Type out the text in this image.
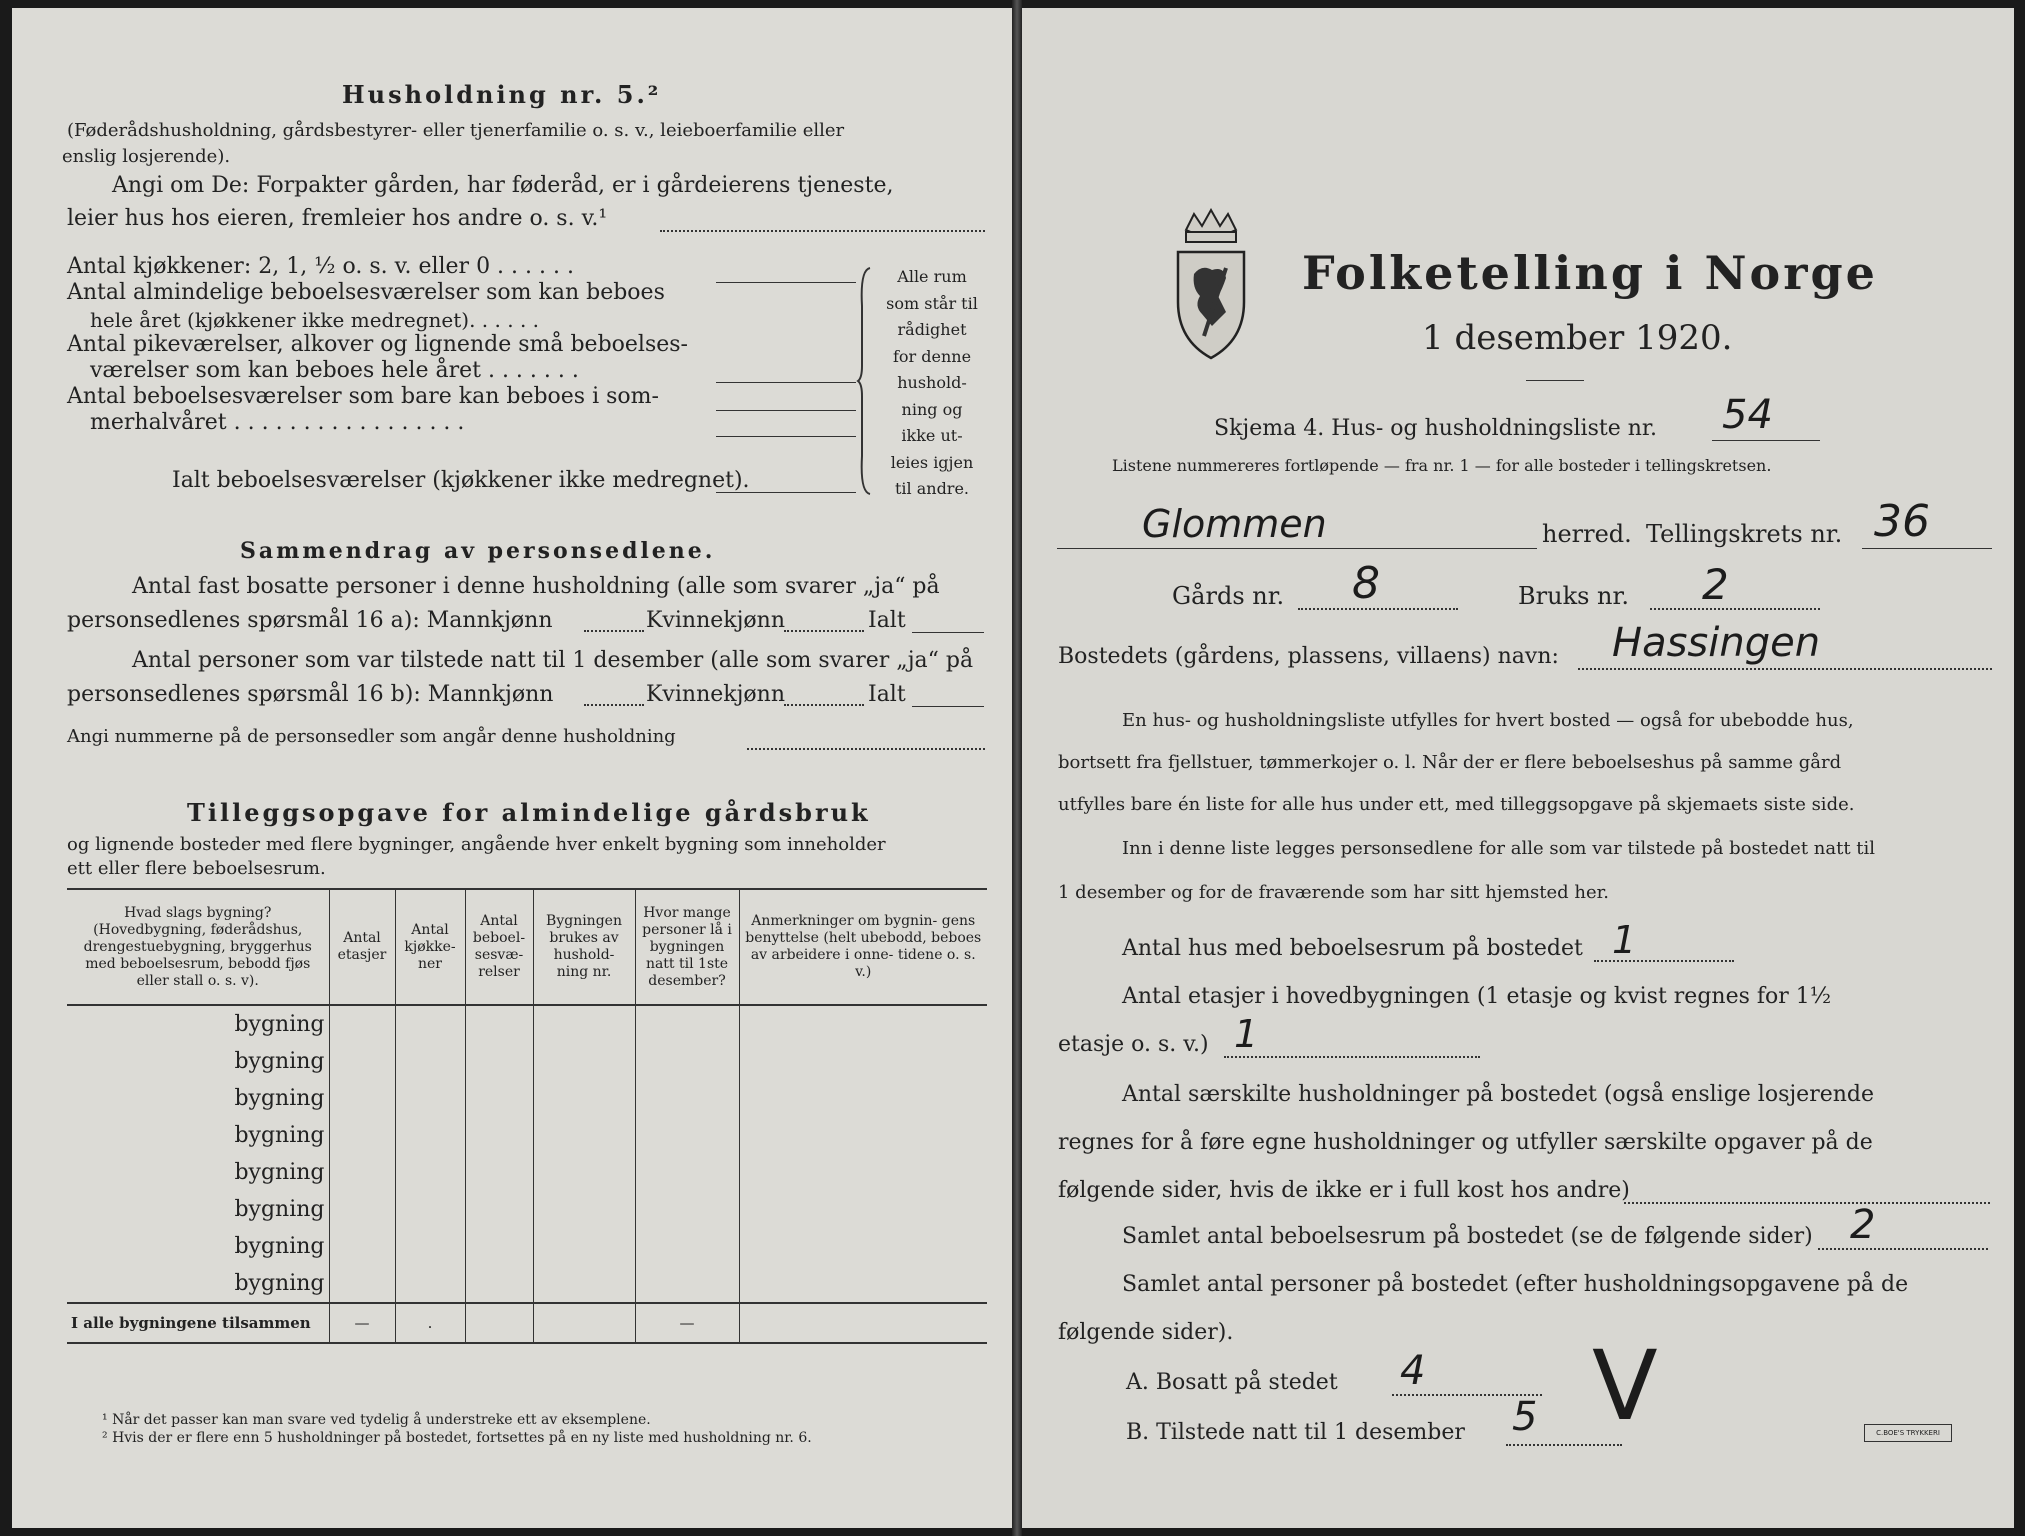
Husholdning nr. 5.²
(Føderådshusholdning, gårdsbestyrer- eller tjenerfamilie o. s. v., leieboerfamilie eller
enslig losjerende).
Angi om De: Forpakter gården, har føderåd, er i gårdeierens tjeneste,
leier hus hos eieren, fremleier hos andre o. s. v.¹
Antal kjøkkener: 2, 1, ½ o. s. v. eller 0 . . . . . .
Antal almindelige beboelsesværelser som kan beboes
hele året (kjøkkener ikke medregnet). . . . . .
Antal pikeværelser, alkover og lignende små beboelses-
værelser som kan beboes hele året . . . . . . .
Antal beboelsesværelser som bare kan beboes i som-
merhalvåret . . . . . . . . . . . . . . . . .
Ialt beboelsesværelser (kjøkkener ikke medregnet).
Alle rum
som står til
rådighet
for denne
hushold-
ning og
ikke ut-
leies igjen
til andre.
Sammendrag av personsedlene.
Antal fast bosatte personer i denne husholdning (alle som svarer „ja“ på
personsedlenes spørsmål 16 a): Mannkjønn	Kvinnekjønn	Ialt
Antal personer som var tilstede natt til 1 desember (alle som svarer „ja“ på
personsedlenes spørsmål 16 b): Mannkjønn	Kvinnekjønn	Ialt
Angi nummerne på de personsedler som angår denne husholdning
Tilleggsopgave for almindelige gårdsbruk
og lignende bosteder med flere bygninger, angående hver enkelt bygning som inneholder
ett eller flere beboelsesrum.
Hvad slags bygning? (Hovedbygning, føderådshus, drengestuebygning, bryggerhus med beboelsesrum, bebodd fjøs eller stall o. s. v).	Antal etasjer	Antal kjøkke- ner	Antal beboel- sesvæ- relser	Bygningen brukes av hushold- ning nr.	Hvor mange personer lå i bygningen natt til 1ste desember?	Anmerkninger om bygnin- gens benyttelse (helt ubebodd, beboes av arbeidere i onne- tidene o. s. v.)
bygning						
bygning						
bygning						
bygning						
bygning						
bygning						
bygning						
bygning						
I alle bygningene tilsammen	—	.			—	
¹ Når det passer kan man svare ved tydelig å understreke ett av eksemplene.
² Hvis der er flere enn 5 husholdninger på bostedet, fortsettes på en ny liste med husholdning nr. 6.
Folketelling i Norge
1 desember 1920.
Skjema 4. Hus- og husholdningsliste nr. 54
Listene nummereres fortløpende — fra nr. 1 — for alle bosteder i tellingskretsen.
Glommen	herred. Tellingskrets nr. 36
Gårds nr. 8	Bruks nr. 2
Bostedets (gårdens, plassens, villaens) navn: Hassingen
En hus- og husholdningsliste utfylles for hvert bosted — også for ubebodde hus,
bortsett fra fjellstuer, tømmerkojer o. l. Når der er flere beboelseshus på samme gård
utfylles bare én liste for alle hus under ett, med tilleggsopgave på skjemaets siste side.
Inn i denne liste legges personsedlene for alle som var tilstede på bostedet natt til
1 desember og for de fraværende som har sitt hjemsted her.
Antal hus med beboelsesrum på bostedet 1
Antal etasjer i hovedbygningen (1 etasje og kvist regnes for 1½
etasje o. s. v.) 1
Antal særskilte husholdninger på bostedet (også enslige losjerende
regnes for å føre egne husholdninger og utfyller særskilte opgaver på de
følgende sider, hvis de ikke er i full kost hos andre)
Samlet antal beboelsesrum på bostedet (se de følgende sider) 2
Samlet antal personer på bostedet (efter husholdningsopgavene på de
følgende sider).
A. Bosatt på stedet 4
B. Tilstede natt til 1 desember 5 V	C.BOE'S TRYKKERI
